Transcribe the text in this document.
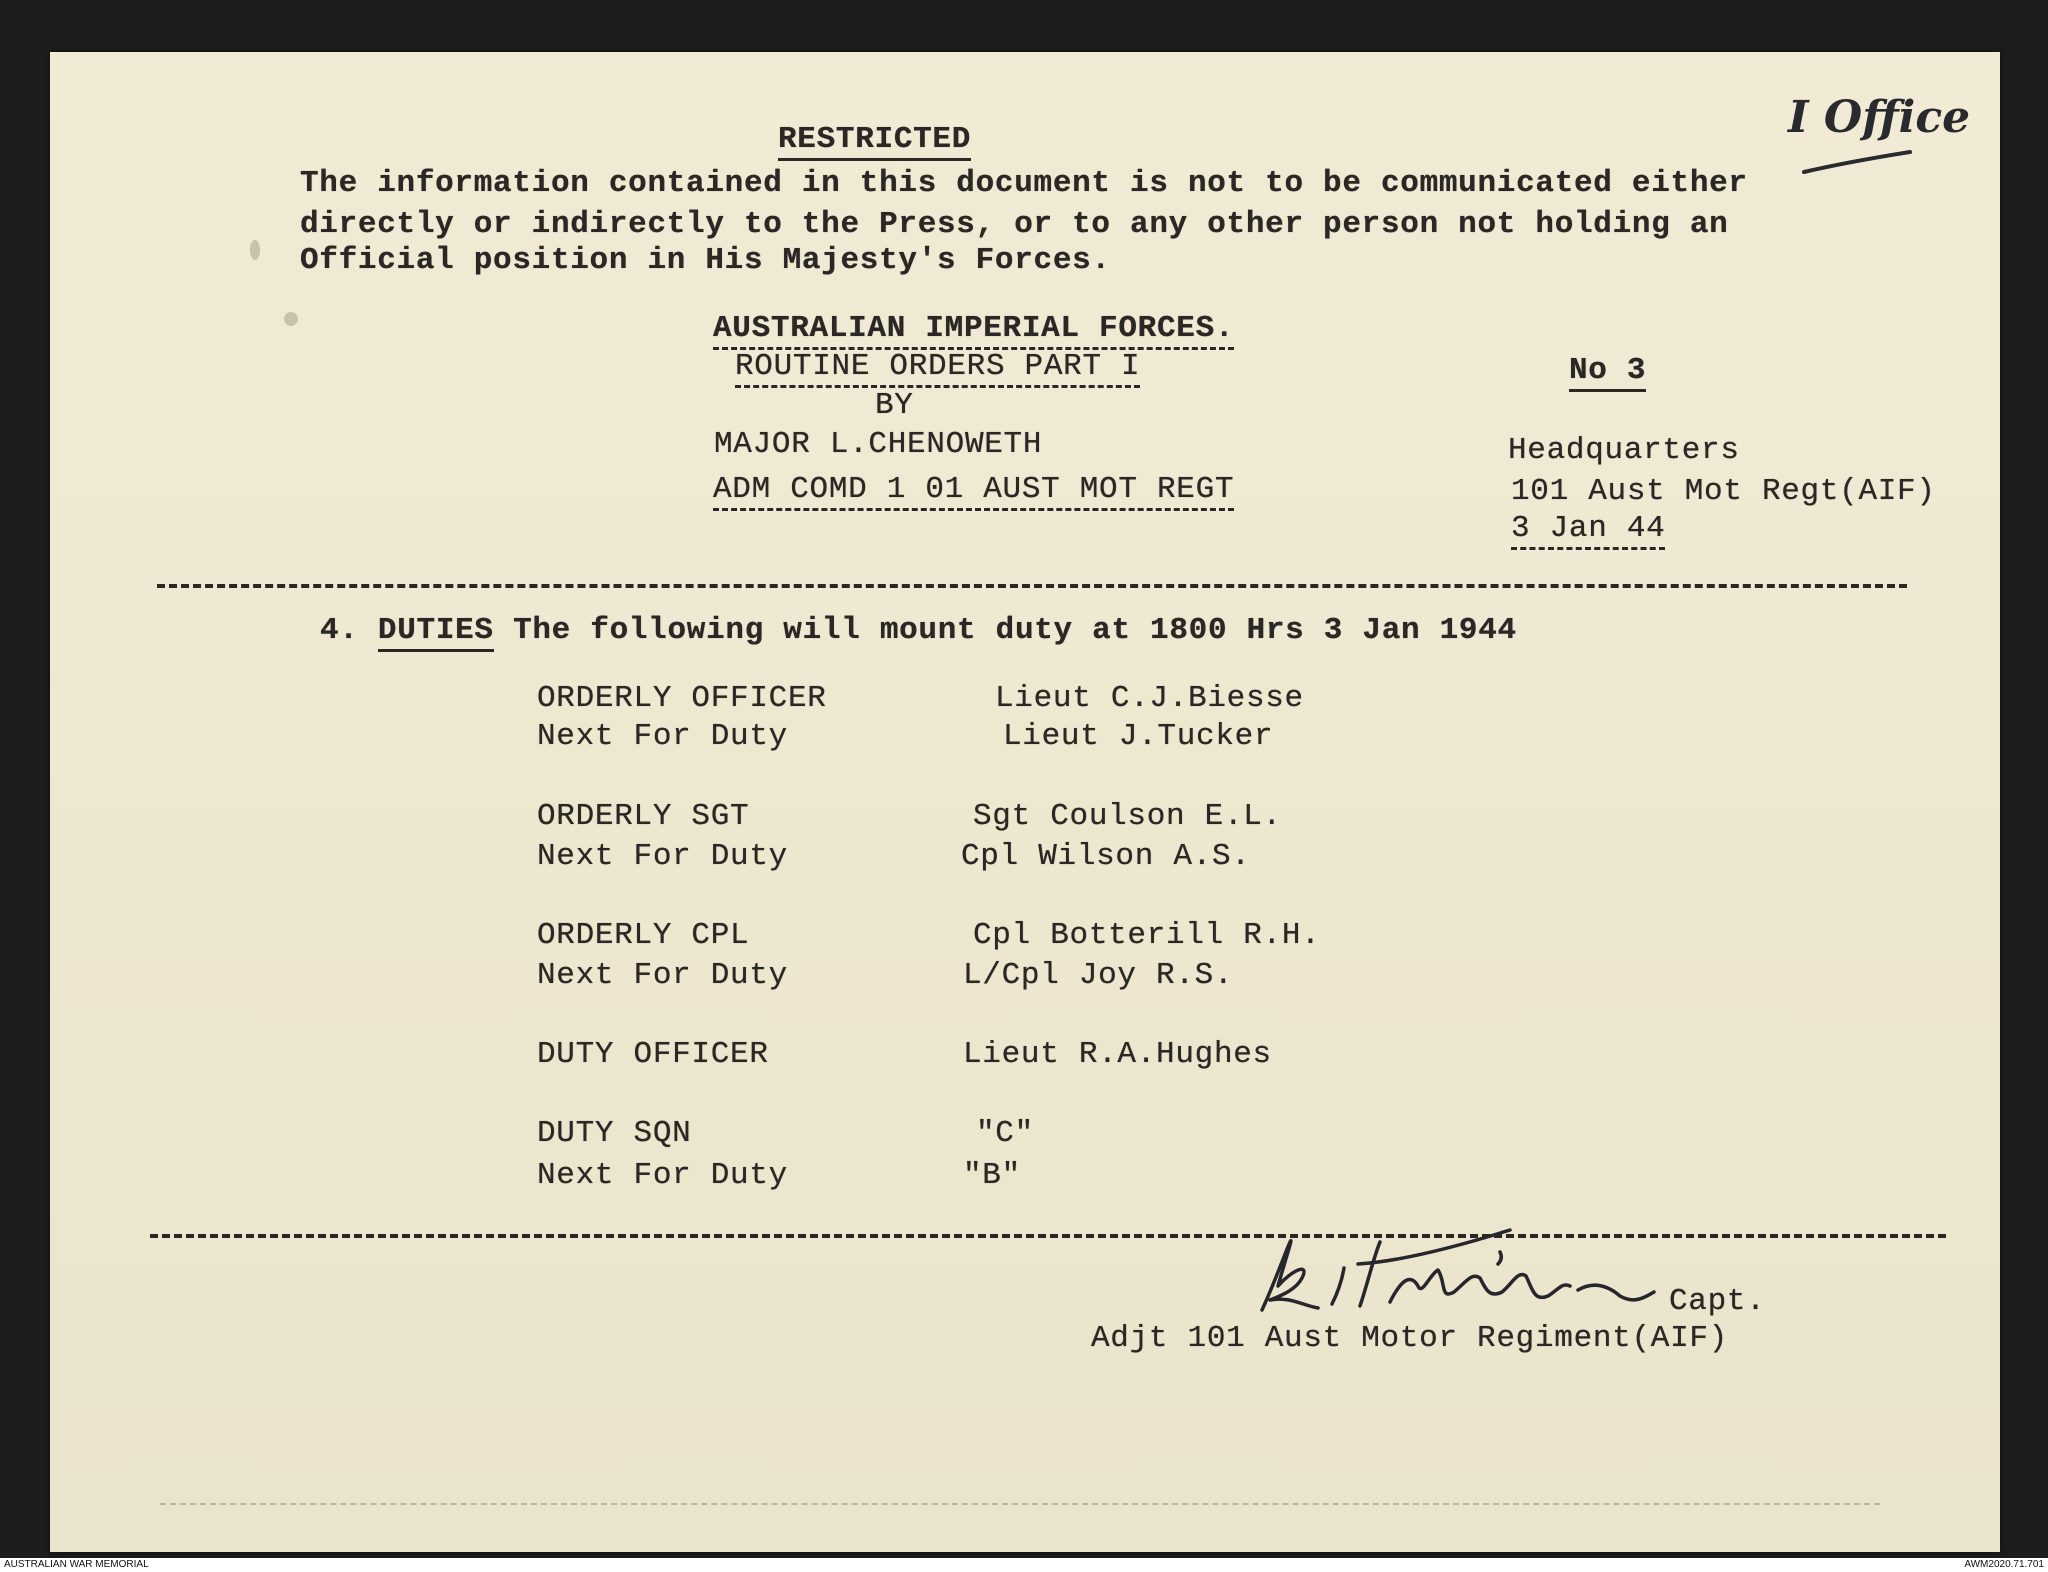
I Office
RESTRICTED
The information contained in this document is not to be communicated either
directly or indirectly to the Press, or to any other person not holding an
Official position in His Majesty's Forces.
AUSTRALIAN IMPERIAL FORCES.
ROUTINE ORDERS PART I
BY
MAJOR L.CHENOWETH
ADM COMD 1 01 AUST MOT REGT
No 3
Headquarters
101 Aust Mot Regt(AIF)
3 Jan 44
4. DUTIES The following will mount duty at 1800 Hrs 3 Jan 1944
ORDERLY OFFICER	Lieut C.J.Biesse
Next For Duty	Lieut J.Tucker
ORDERLY SGT	Sgt Coulson E.L.
Next For Duty	Cpl Wilson A.S.
ORDERLY CPL	Cpl Botterill R.H.
Next For Duty	L/Cpl Joy R.S.
DUTY OFFICER	Lieut R.A.Hughes
DUTY SQN	"C"
Next For Duty	"B"
Capt.
Adjt 101 Aust Motor Regiment(AIF)
AUSTRALIAN WAR MEMORIAL	AWM2020.71.701
